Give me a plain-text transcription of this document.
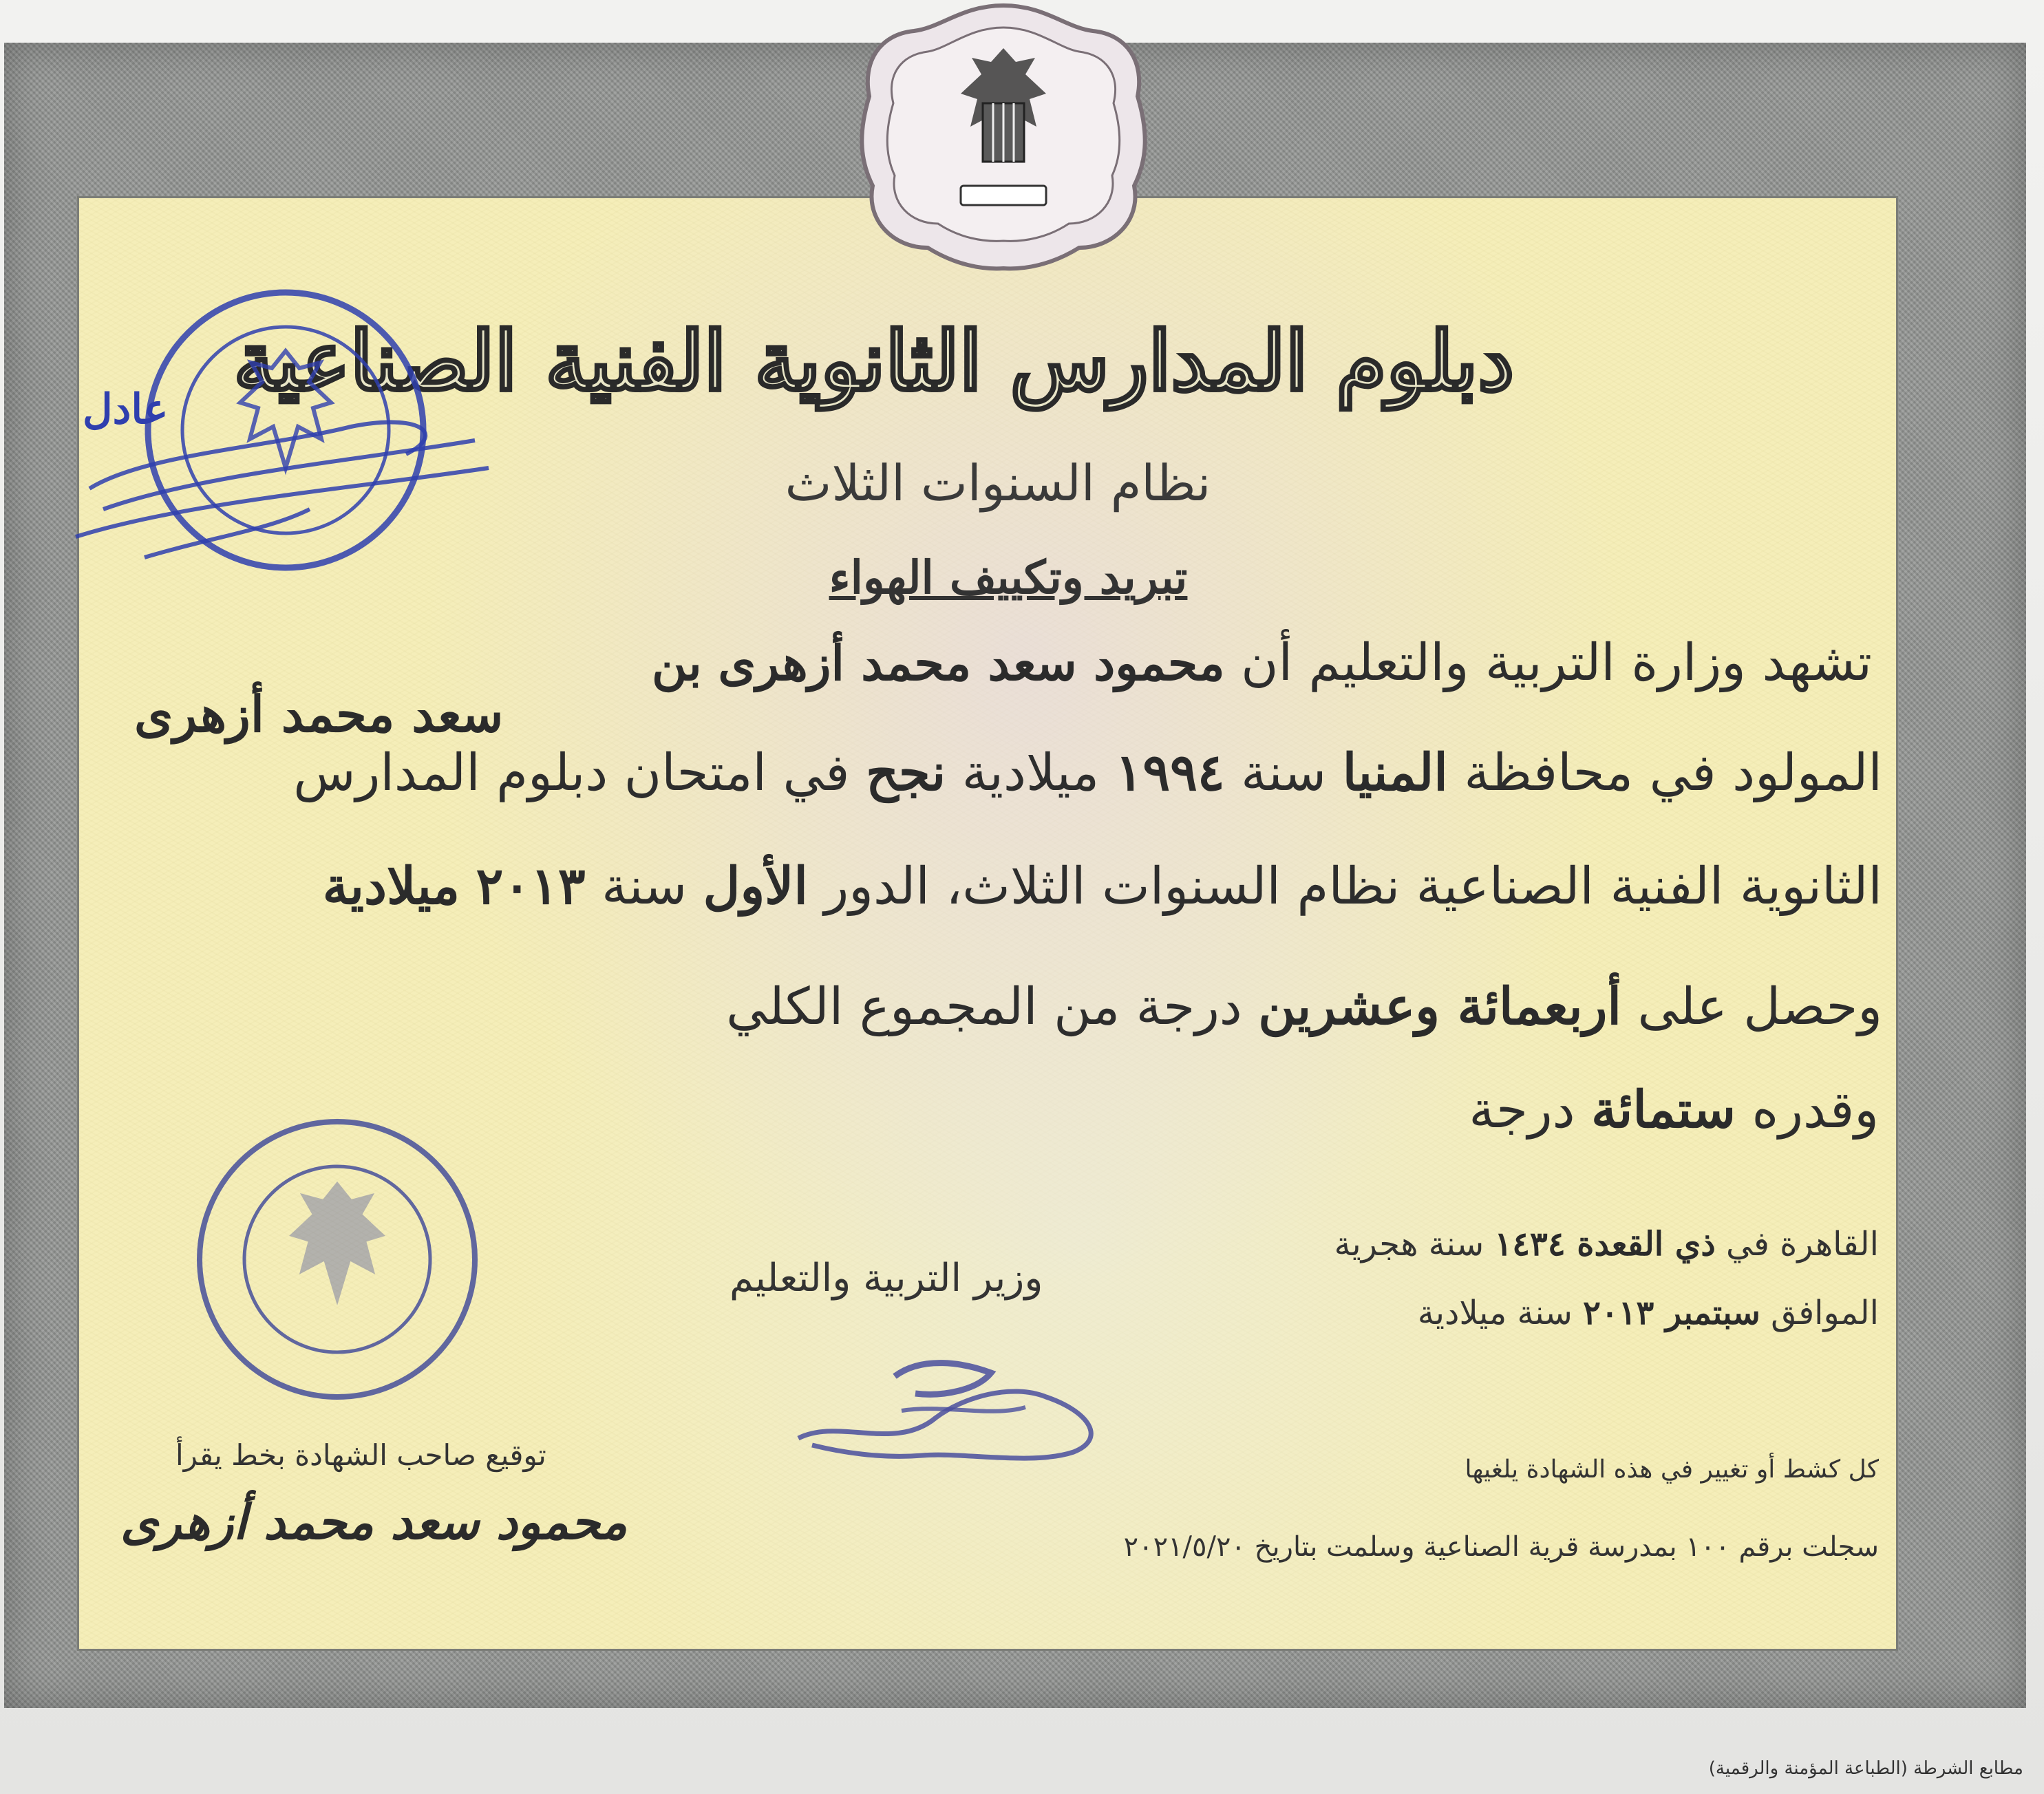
دبلوم المدارس الثانوية الفنية الصناعية
نظام السنوات الثلاث
تبريد وتكييف الهواء
تشهد وزارة التربية والتعليم أن محمود سعد محمد أزهرى بن
سعد محمد أزهرى
المولود في محافظة المنيا سنة ١٩٩٤ ميلادية نجح في امتحان دبلوم المدارس
الثانوية الفنية الصناعية نظام السنوات الثلاث، الدور الأول سنة ٢٠١٣ ميلادية
وحصل على أربعمائة وعشرين درجة من المجموع الكلي
وقدره ستمائة درجة
القاهرة في ذي القعدة ١٤٣٤ سنة هجرية
الموافق سبتمبر ٢٠١٣ سنة ميلادية
وزير التربية والتعليم
عادل
توقيع صاحب الشهادة بخط يقرأ
محمود سعد محمد أزهرى
كل كشط أو تغيير في هذه الشهادة يلغيها
سجلت برقم ١٠٠ بمدرسة قرية الصناعية وسلمت بتاريخ ٢٠٢١/٥/٢٠
مطابع الشرطة (الطباعة المؤمنة والرقمية)
